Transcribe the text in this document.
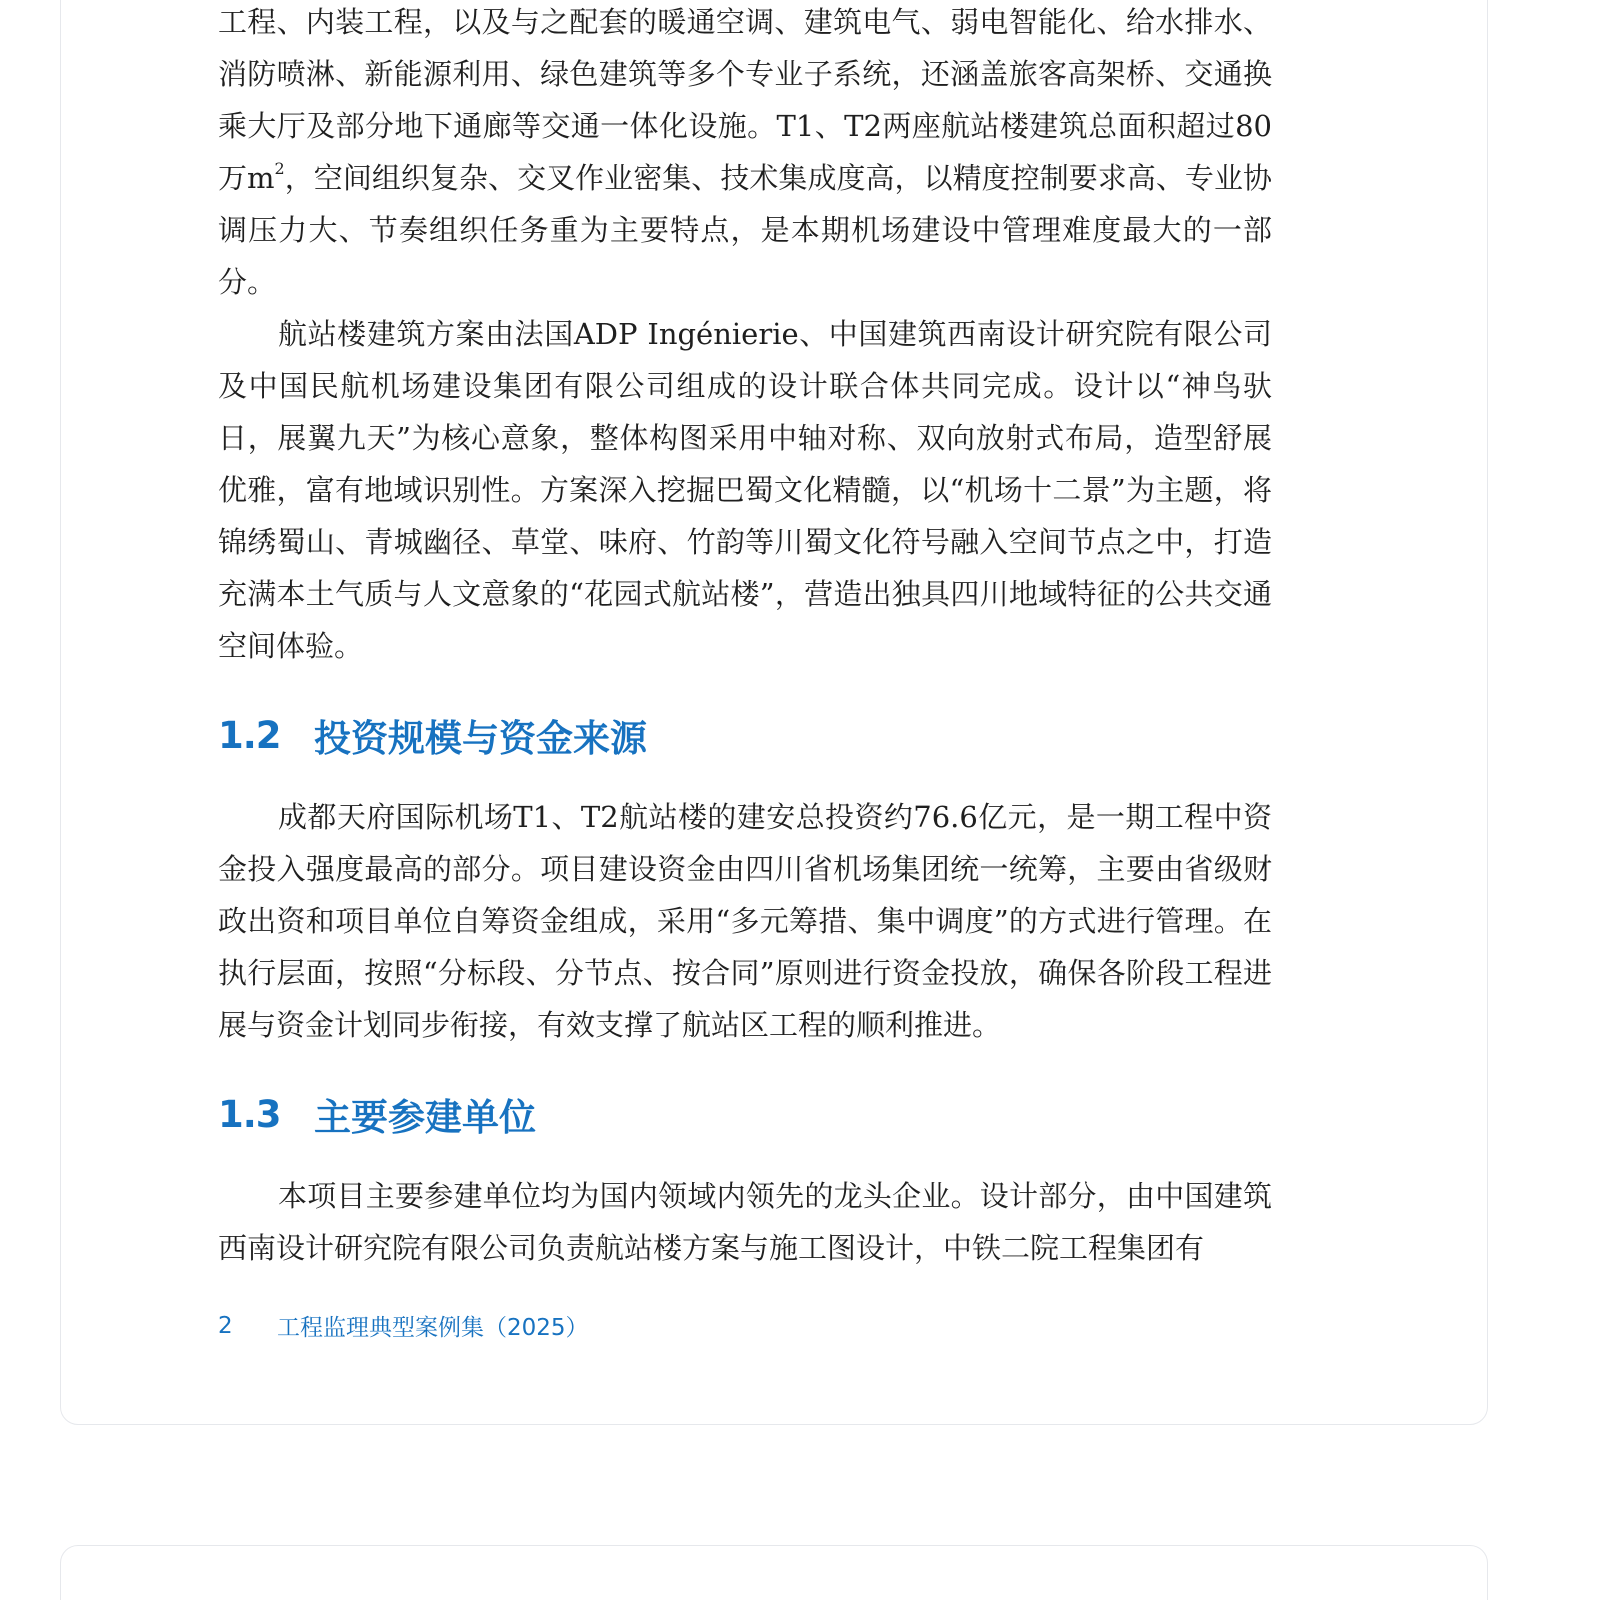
工程、内装工程，以及与之配套的暖通空调、建筑电气、弱电智能化、给水排水、消防喷淋、新能源利用、绿色建筑等多个专业子系统，还涵盖旅客高架桥、交通换乘大厅及部分地下通廊等交通一体化设施。T1、T2两座航站楼建筑总面积超过80万$m^2$，空间组织复杂、交叉作业密集、技术集成度高，以精度控制要求高、专业协调压力大、节奏组织任务重为主要特点，是本期机场建设中管理难度最大的一部分。

航站楼建筑方案由法国ADP Ingénierie、中国建筑西南设计研究院有限公司及中国民航机场建设集团有限公司组成的设计联合体共同完成。设计以“神鸟驮日，展翼九天”为核心意象，整体构图采用中轴对称、双向放射式布局，造型舒展优雅，富有地域识别性。方案深入挖掘巴蜀文化精髓，以“机场十二景”为主题，将锦绣蜀山、青城幽径、草堂、味府、竹韵等川蜀文化符号融入空间节点之中，打造充满本土气质与人文意象的“花园式航站楼”，营造出独具四川地域特征的公共交通空间体验。

1.2 投资规模与资金来源

成都天府国际机场T1、T2航站楼的建安总投资约76.6亿元，是一期工程中资金投入强度最高的部分。项目建设资金由四川省机场集团统一统筹，主要由省级财政出资和项目单位自筹资金组成，采用“多元筹措、集中调度”的方式进行管理。在执行层面，按照“分标段、分节点、按合同”原则进行资金投放，确保各阶段工程进展与资金计划同步衔接，有效支撑了航站区工程的顺利推进。

1.3 主要参建单位

本项目主要参建单位均为国内领域内领先的龙头企业。设计部分，由中国建筑西南设计研究院有限公司负责航站楼方案与施工图设计，中铁二院工程集团有

2	工程监理典型案例集（2025）
